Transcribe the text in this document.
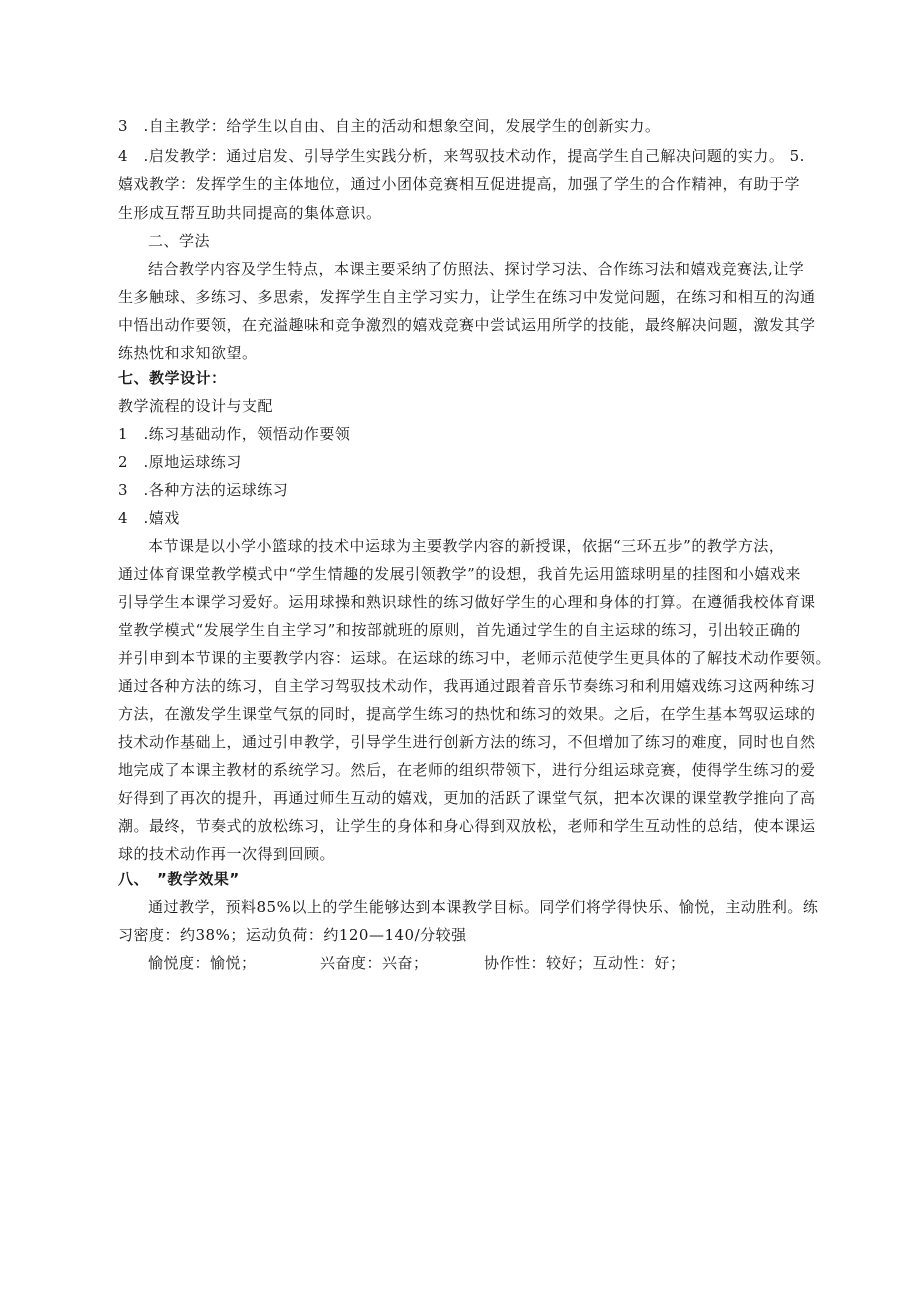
3　.自主教学：给学生以自由、自主的活动和想象空间，发展学生的创新实力。
4　.启发教学：通过启发、引导学生实践分析，来驾驭技术动作，提高学生自己解决问题的实力。 5.
嬉戏教学：发挥学生的主体地位，通过小团体竞赛相互促进提高，加强了学生的合作精神，有助于学
生形成互帮互助共同提高的集体意识。
二、学法
结合教学内容及学生特点，本课主要采纳了仿照法、探讨学习法、合作练习法和嬉戏竞赛法,让学
生多触球、多练习、多思索，发挥学生自主学习实力，让学生在练习中发觉问题，在练习和相互的沟通
中悟出动作要领，在充溢趣味和竞争激烈的嬉戏竞赛中尝试运用所学的技能，最终解决问题，激发其学
练热忱和求知欲望。
七、教学设计：
教学流程的设计与支配
1　.练习基础动作，领悟动作要领
2　.原地运球练习
3　.各种方法的运球练习
4　.嬉戏
本节课是以小学小篮球的技术中运球为主要教学内容的新授课，依据“三环五步”的教学方法，
通过体育课堂教学模式中“学生情趣的发展引领教学”的设想，我首先运用篮球明星的挂图和小嬉戏来
引导学生本课学习爱好。运用球操和熟识球性的练习做好学生的心理和身体的打算。在遵循我校体育课
堂教学模式“发展学生自主学习”和按部就班的原则，首先通过学生的自主运球的练习，引出较正确的
并引申到本节课的主要教学内容：运球。在运球的练习中，老师示范使学生更具体的了解技术动作要领。
通过各种方法的练习，自主学习驾驭技术动作，我再通过跟着音乐节奏练习和利用嬉戏练习这两种练习
方法，在激发学生课堂气氛的同时，提高学生练习的热忱和练习的效果。之后，在学生基本驾驭运球的
技术动作基础上，通过引申教学，引导学生进行创新方法的练习，不但增加了练习的难度，同时也自然
地完成了本课主教材的系统学习。然后，在老师的组织带领下，进行分组运球竞赛，使得学生练习的爱
好得到了再次的提升，再通过师生互动的嬉戏，更加的活跃了课堂气氛，把本次课的课堂教学推向了高
潮。最终，节奏式的放松练习，让学生的身体和身心得到双放松，老师和学生互动性的总结，使本课运
球的技术动作再一次得到回顾。
八、　”教学效果”
通过教学，预料85%以上的学生能够达到本课教学目标。同学们将学得快乐、愉悦，主动胜利。练
习密度：约38%；运动负荷：约120—140/分较强
愉悦度：愉悦；	兴奋度：兴奋；	协作性：较好；互动性：好；
